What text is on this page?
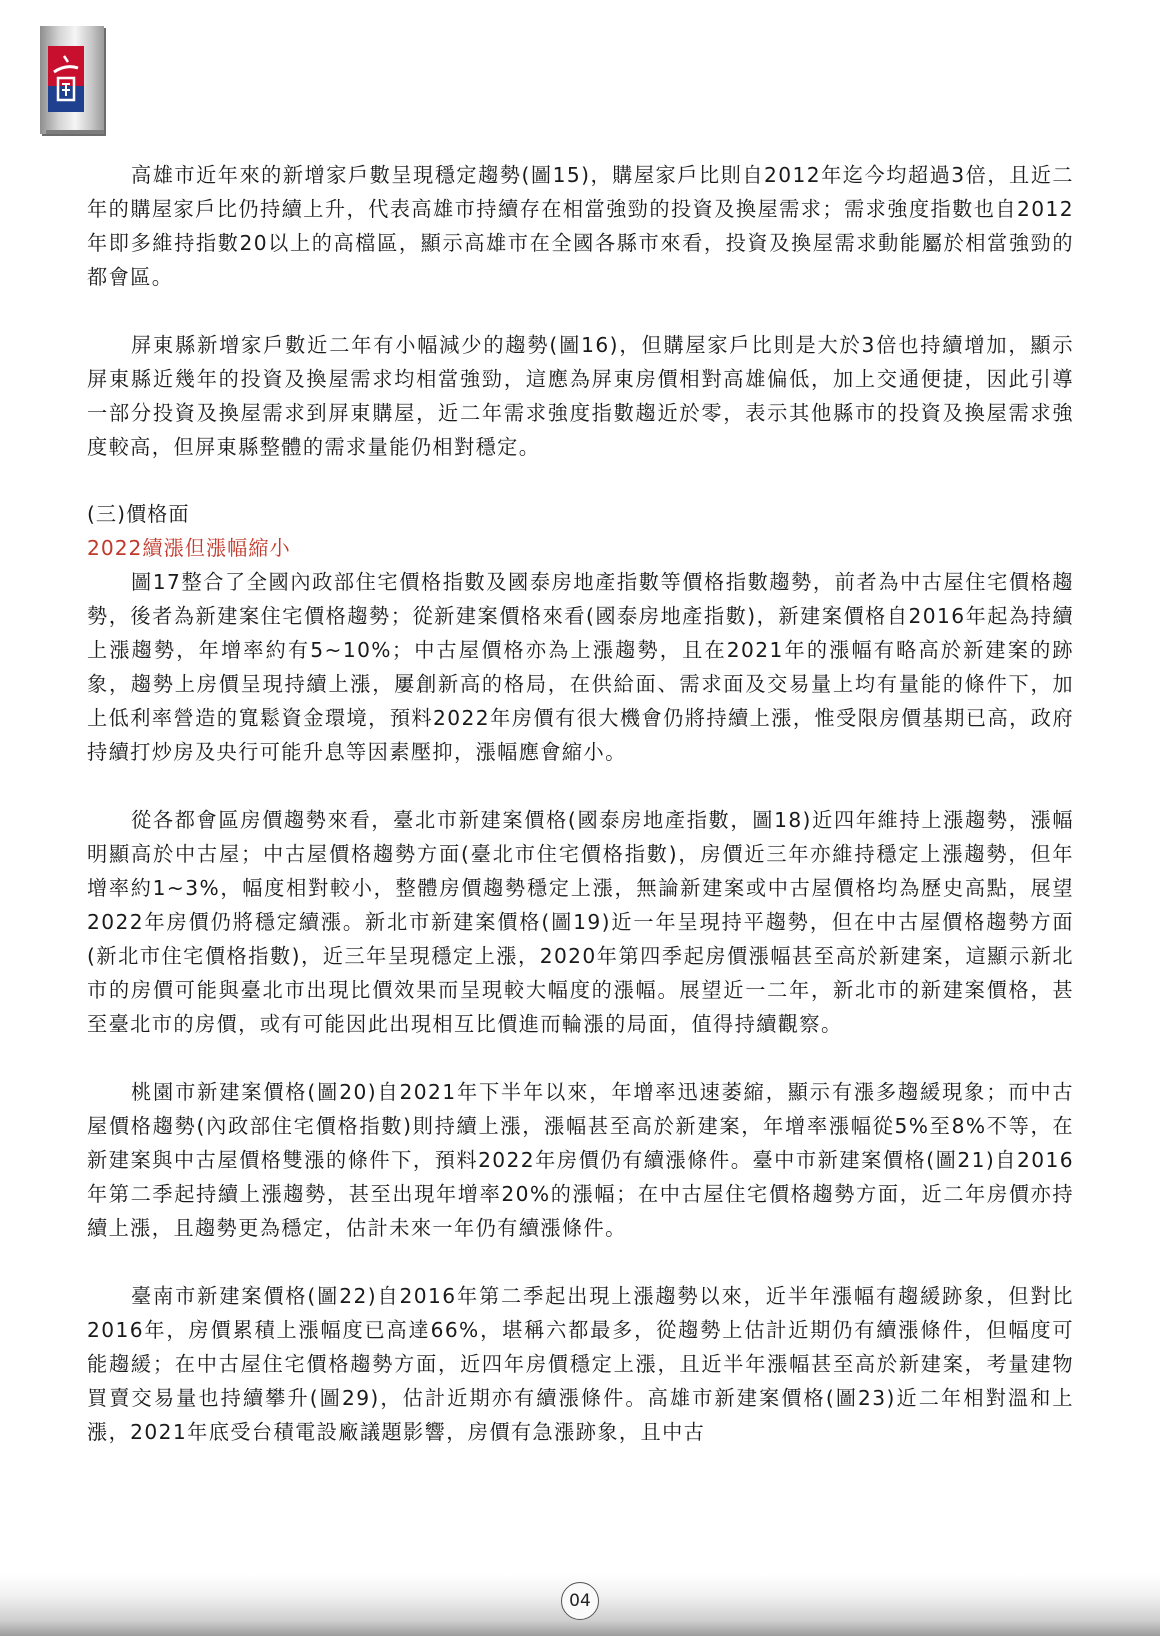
高雄市近年來的新增家戶數呈現穩定趨勢(圖15)，購屋家戶比則自2012年迄今均超過3倍，且近二年的購屋家戶比仍持續上升，代表高雄市持續存在相當強勁的投資及換屋需求；需求強度指數也自2012年即多維持指數20以上的高檔區，顯示高雄市在全國各縣市來看，投資及換屋需求動能屬於相當強勁的都會區。

屏東縣新增家戶數近二年有小幅減少的趨勢(圖16)，但購屋家戶比則是大於3倍也持續增加，顯示屏東縣近幾年的投資及換屋需求均相當強勁，這應為屏東房價相對高雄偏低，加上交通便捷，因此引導一部分投資及換屋需求到屏東購屋，近二年需求強度指數趨近於零，表示其他縣市的投資及換屋需求強度較高，但屏東縣整體的需求量能仍相對穩定。

(三)價格面

2022續漲但漲幅縮小

圖17整合了全國內政部住宅價格指數及國泰房地產指數等價格指數趨勢，前者為中古屋住宅價格趨勢，後者為新建案住宅價格趨勢；從新建案價格來看(國泰房地產指數)，新建案價格自2016年起為持續上漲趨勢，年增率約有5~10%；中古屋價格亦為上漲趨勢，且在2021年的漲幅有略高於新建案的跡象，趨勢上房價呈現持續上漲，屢創新高的格局，在供給面、需求面及交易量上均有量能的條件下，加上低利率營造的寬鬆資金環境，預料2022年房價有很大機會仍將持續上漲，惟受限房價基期已高，政府持續打炒房及央行可能升息等因素壓抑，漲幅應會縮小。

從各都會區房價趨勢來看，臺北市新建案價格(國泰房地產指數，圖18)近四年維持上漲趨勢，漲幅明顯高於中古屋；中古屋價格趨勢方面(臺北市住宅價格指數)，房價近三年亦維持穩定上漲趨勢，但年增率約1~3%，幅度相對較小，整體房價趨勢穩定上漲，無論新建案或中古屋價格均為歷史高點，展望2022年房價仍將穩定續漲。新北市新建案價格(圖19)近一年呈現持平趨勢，但在中古屋價格趨勢方面(新北市住宅價格指數)，近三年呈現穩定上漲，2020年第四季起房價漲幅甚至高於新建案，這顯示新北市的房價可能與臺北市出現比價效果而呈現較大幅度的漲幅。展望近一二年，新北市的新建案價格，甚至臺北市的房價，或有可能因此出現相互比價進而輪漲的局面，值得持續觀察。

桃園市新建案價格(圖20)自2021年下半年以來，年增率迅速萎縮，顯示有漲多趨緩現象；而中古屋價格趨勢(內政部住宅價格指數)則持續上漲，漲幅甚至高於新建案，年增率漲幅從5%至8%不等，在新建案與中古屋價格雙漲的條件下，預料2022年房價仍有續漲條件。臺中市新建案價格(圖21)自2016年第二季起持續上漲趨勢，甚至出現年增率20%的漲幅；在中古屋住宅價格趨勢方面，近二年房價亦持續上漲，且趨勢更為穩定，估計未來一年仍有續漲條件。

臺南市新建案價格(圖22)自2016年第二季起出現上漲趨勢以來，近半年漲幅有趨緩跡象，但對比2016年，房價累積上漲幅度已高達66%，堪稱六都最多，從趨勢上估計近期仍有續漲條件，但幅度可能趨緩；在中古屋住宅價格趨勢方面，近四年房價穩定上漲，且近半年漲幅甚至高於新建案，考量建物買賣交易量也持續攀升(圖29)，估計近期亦有續漲條件。高雄市新建案價格(圖23)近二年相對溫和上漲，2021年底受台積電設廠議題影響，房價有急漲跡象，且中古

04
